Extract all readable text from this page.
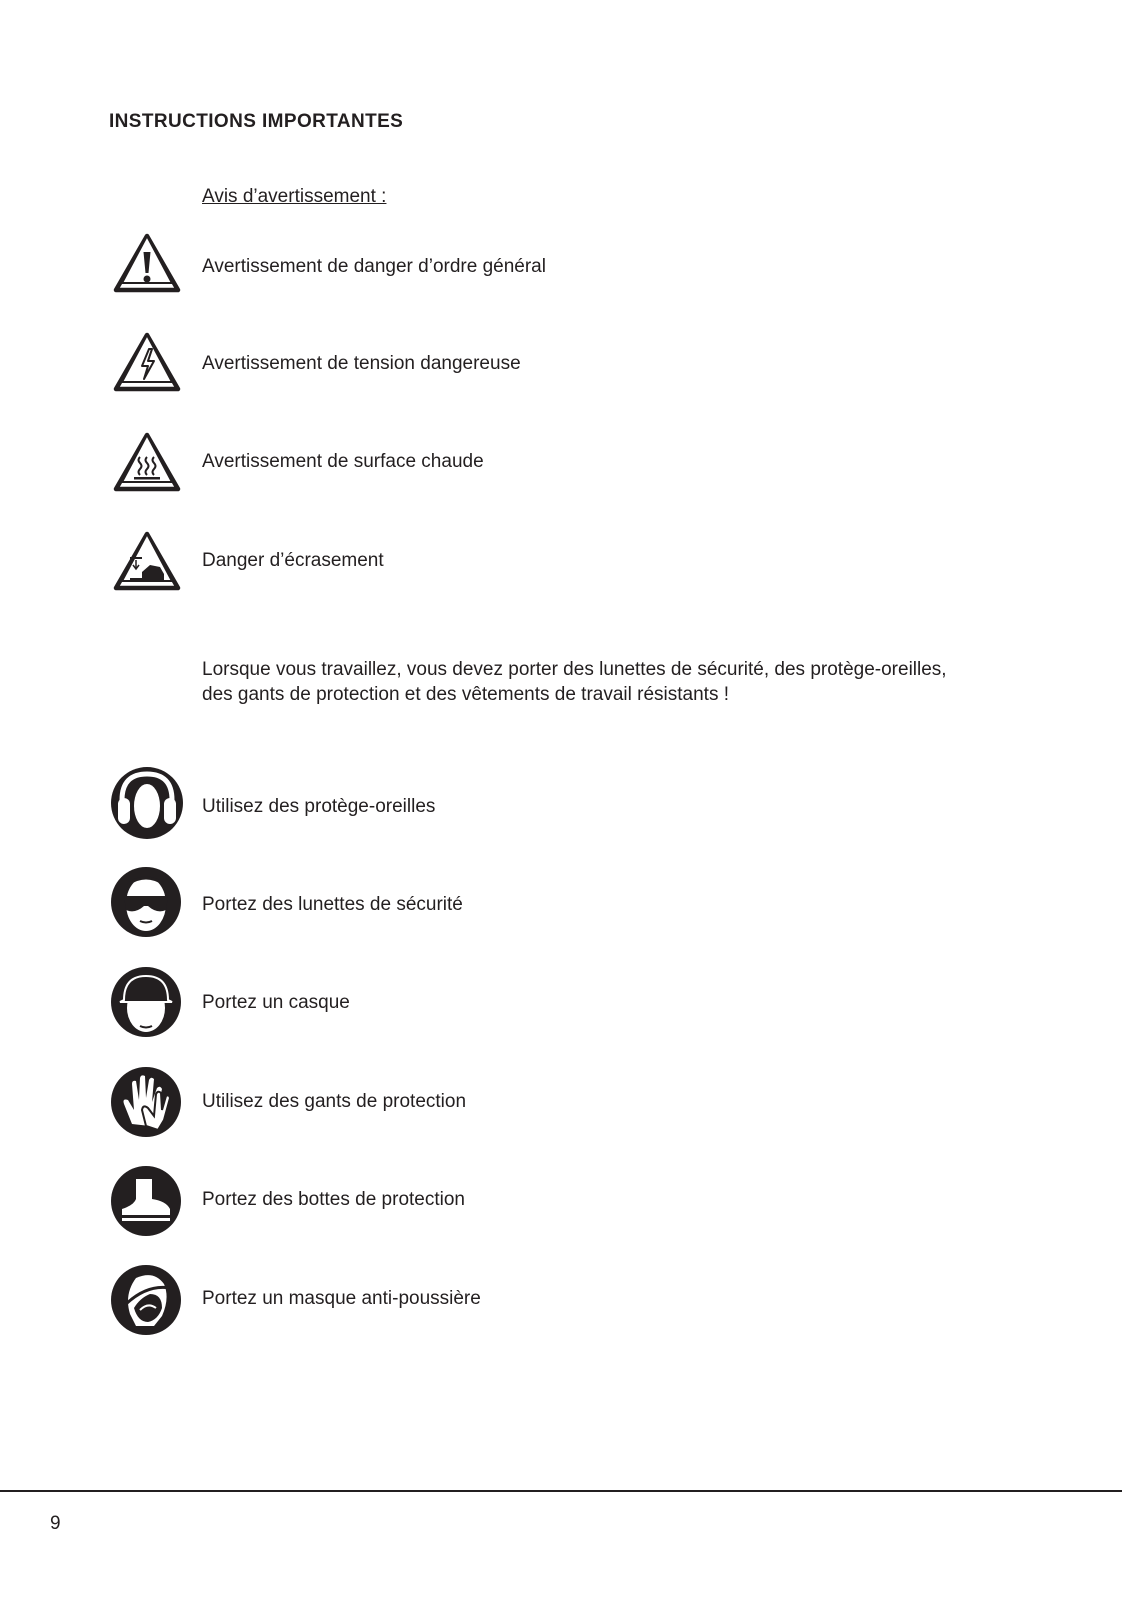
INSTRUCTIONS IMPORTANTES

Avis d’avertissement :

Avertissement de danger d’ordre général
Avertissement de tension dangereuse
Avertissement de surface chaude
Danger d’écrasement

Lorsque vous travaillez, vous devez porter des lunettes de sécurité, des protège-oreilles, des gants de protection et des vêtements de travail résistants !

Utilisez des protège-oreilles
Portez des lunettes de sécurité
Portez un casque
Utilisez des gants de protection
Portez des bottes de protection
Portez un masque anti-poussière
9
